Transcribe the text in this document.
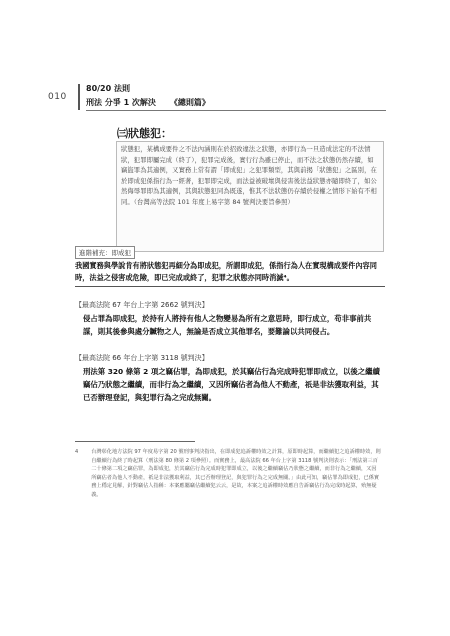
010
80/20 法則
刑法 分爭 1 次解決 《總則篇》
㈢狀態犯：

狀態犯，某構成要件之不法內涵則在於招致違法之狀態，亦即行為一旦造成法定的不法情狀，犯罪即屬完成（終了），犯罪完成後，實行行為雖已停止，而不法之狀態仍然存續，如竊盜罪為其適例，又實務上常有謂「即成犯」之犯罪類型，其與前揭「狀態犯」之區別，在於即成犯係指行為一經著，犯罪即完成，而法益被破壞與侵害後法益狀態亦隨即終了，如公然侮辱罪即為其適例，其與狀態犯同為既遂，惟其不法狀態仍存續於侵權之情形下始有不相同。（台灣高等法院 101 年度上易字第 84 號判決要旨參照）

進階補充：即成犯
我國實務與學說肯有將狀態犯再細分為即成犯，所謂即成犯，係指行為人在實現構成要件內容同時，法益之侵害或危險，即已完成或終了，犯罪之狀態亦同時消滅⁴。
【最高法院 67 年台上字第 2662 號判決】
侵占罪為即成犯，於持有人將持有他人之物變易為所有之意思時，即行成立，苟非事前共謀，則其後參與處分贓物之人，無論是否成立其他罪名，要難論以共同侵占。
【最高法院 66 年台上字第 3118 號判決】
刑法第 320 條第 2 項之竊佔罪，為即成犯，於其竊佔行為完成時犯罪即成立，以後之繼續竊佔乃狀態之繼續，而非行為之繼續，又因所竊佔者為他人不動產，祇是非法獲取利益，其已否辦理登記，與犯罪行為之完成無關。
$^4$	台灣彰化地方法院 97 年度易字第 20 號刑事判決指出，在即成犯追訴權時效之計算，原即時起算，而繼續犯之追訴權時效，則自繼續行為終了時起算（刑法第 80 條第 2 項參照）。而實務上，最高法院 66 年台上字第 3118 號判決則表示：「刑法第三百二十條第二項之竊佔罪，為即成犯，於其竊佔行為完成時犯罪即成立，以後之繼續竊佔乃狀態之繼續，而非行為之繼續，又因所竊佔者為他人不動產，祇是非法獲取利益，其已否辦理登記，與犯罪行為之完成無關。」由此可知，竊佔罪為即成犯，已係實務上穩定見解，針對竊佔人指稱：本案應屬竊佔繼續犯云云，是故，本案之追訴權時效應自告訴竊佔行為完成時起算，殆無疑義。
